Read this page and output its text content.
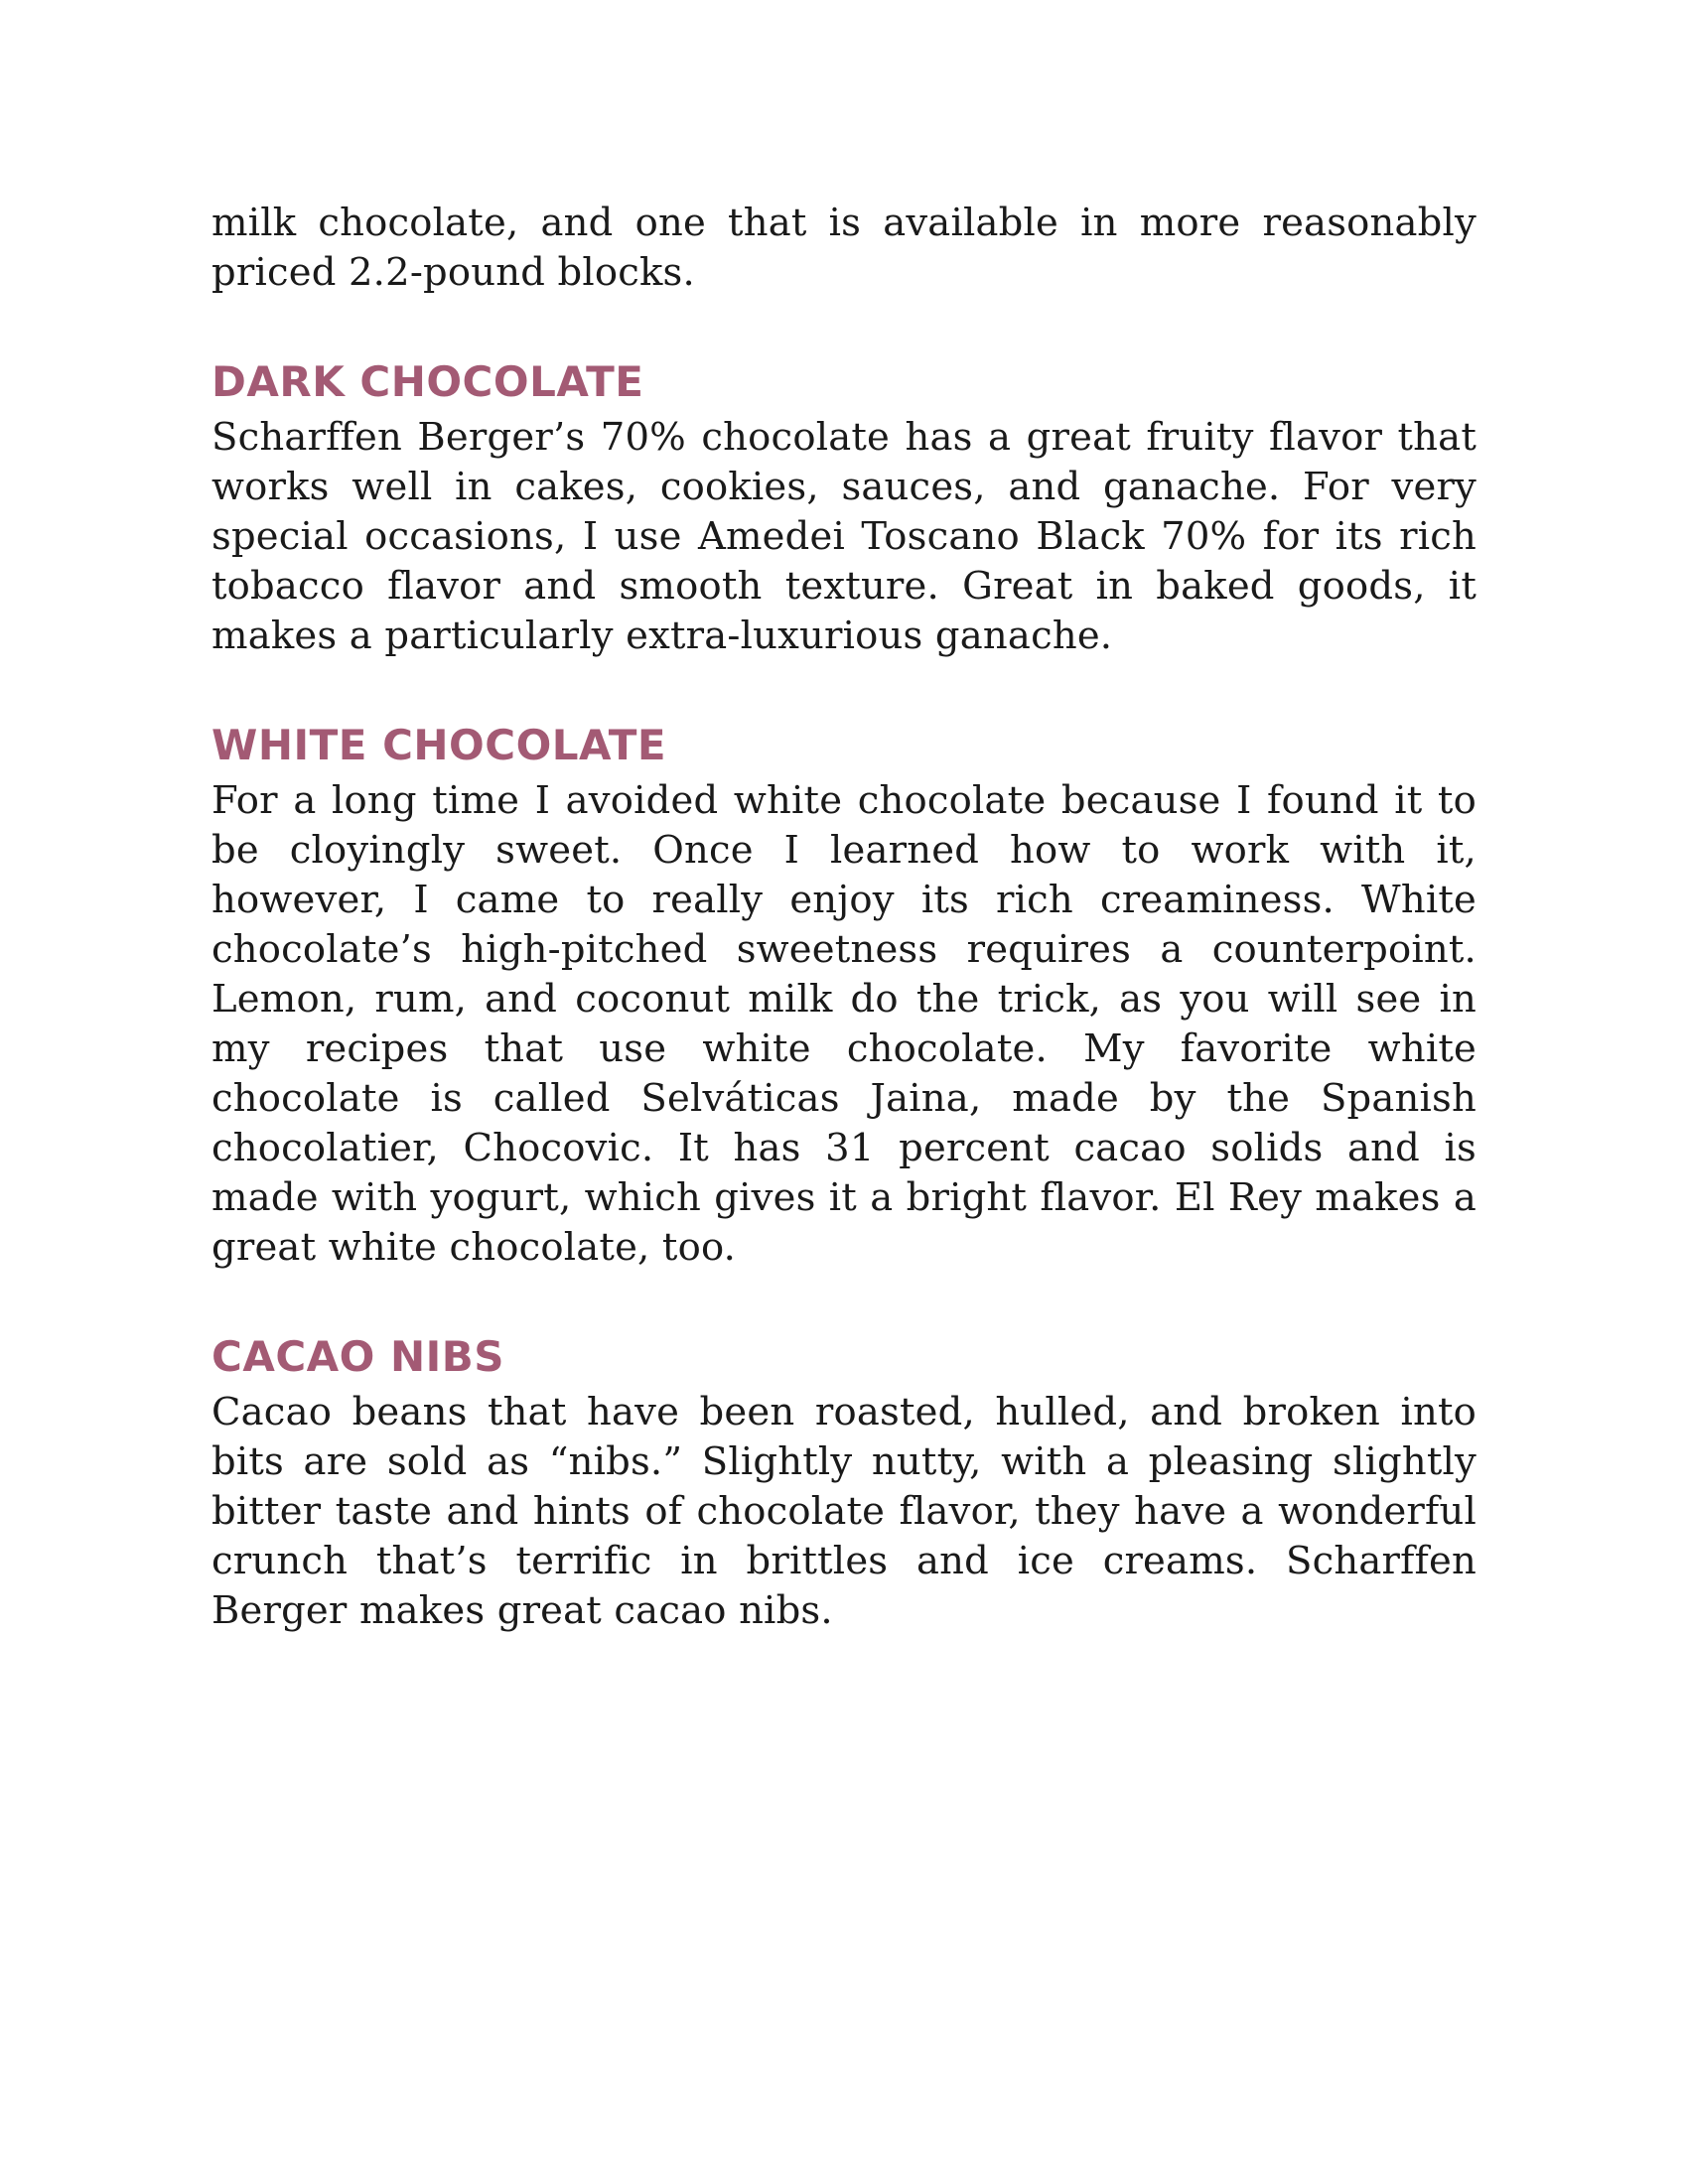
milk chocolate, and one that is available in more reasonably priced 2.2-pound blocks.

DARK CHOCOLATE

Scharffen Berger’s 70% chocolate has a great fruity flavor that works well in cakes, cookies, sauces, and ganache. For very special occasions, I use Amedei Toscano Black 70% for its rich tobacco flavor and smooth texture. Great in baked goods, it makes a particularly extra-luxurious ganache.

WHITE CHOCOLATE

For a long time I avoided white chocolate because I found it to be cloyingly sweet. Once I learned how to work with it, however, I came to really enjoy its rich creaminess. White chocolate’s high-pitched sweetness requires a counterpoint. Lemon, rum, and coconut milk do the trick, as you will see in my recipes that use white chocolate. My favorite white chocolate is called Selváticas Jaina, made by the Spanish chocolatier, Chocovic. It has 31 percent cacao solids and is made with yogurt, which gives it a bright flavor. El Rey makes a great white chocolate, too.

CACAO NIBS

Cacao beans that have been roasted, hulled, and broken into bits are sold as “nibs.” Slightly nutty, with a pleasing slightly bitter taste and hints of chocolate flavor, they have a wonderful crunch that’s terrific in brittles and ice creams. Scharffen Berger makes great cacao nibs.
